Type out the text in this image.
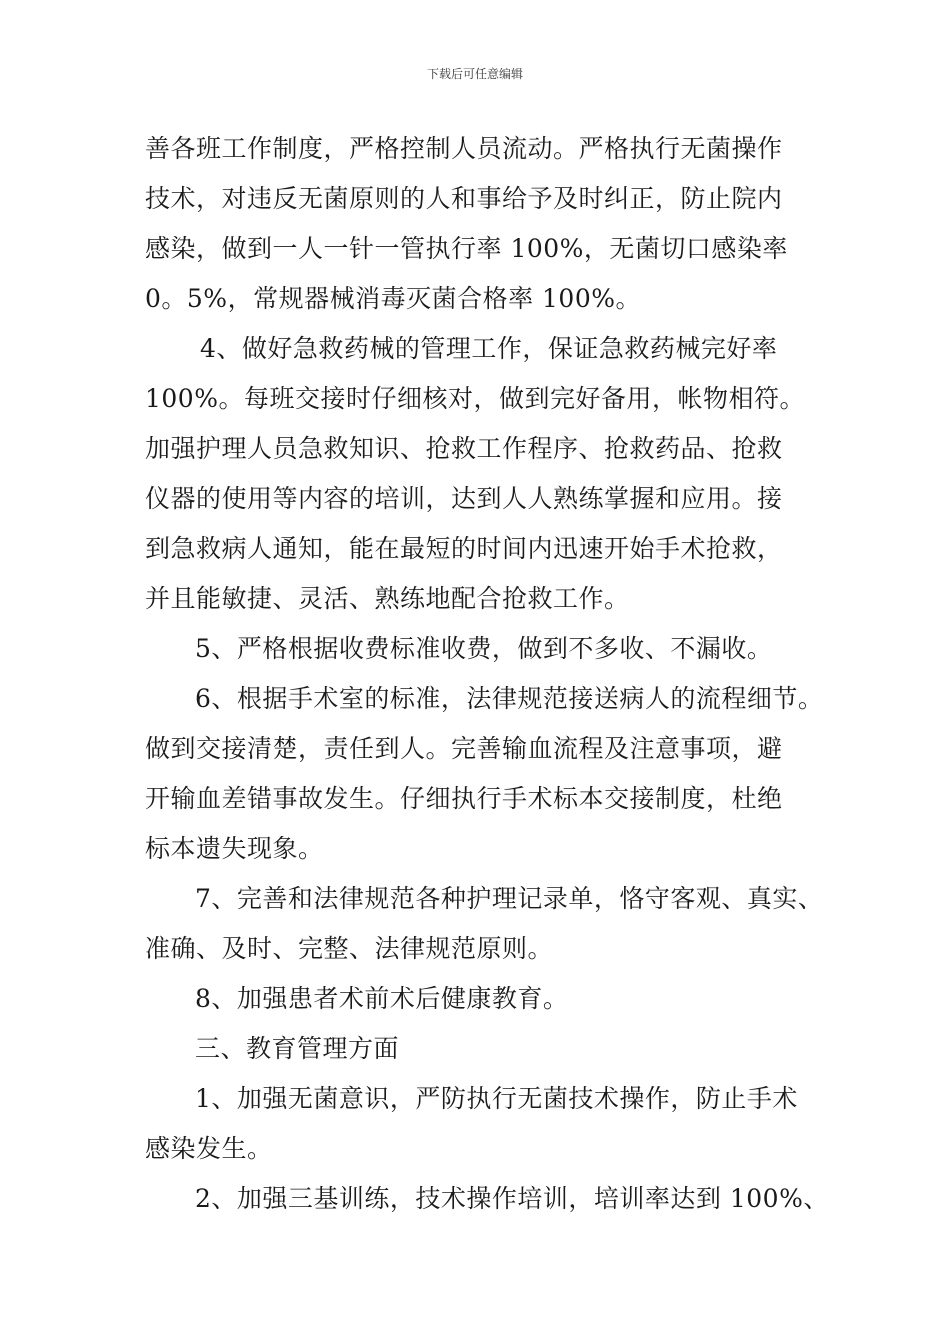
下载后可任意编辑
善各班工作制度，严格控制人员流动。严格执行无菌操作
技术，对违反无菌原则的人和事给予及时纠正，防止院内
感染，做到一人一针一管执行率 100%，无菌切口感染率
0。5%，常规器械消毒灭菌合格率 100%。
4、做好急救药械的管理工作，保证急救药械完好率
100%。每班交接时仔细核对，做到完好备用，帐物相符。
加强护理人员急救知识、抢救工作程序、抢救药品、抢救
仪器的使用等内容的培训，达到人人熟练掌握和应用。接
到急救病人通知，能在最短的时间内迅速开始手术抢救，
并且能敏捷、灵活、熟练地配合抢救工作。
5、严格根据收费标准收费，做到不多收、不漏收。
6、根据手术室的标准，法律规范接送病人的流程细节。
做到交接清楚，责任到人。完善输血流程及注意事项，避
开输血差错事故发生。仔细执行手术标本交接制度，杜绝
标本遗失现象。
7、完善和法律规范各种护理记录单，恪守客观、真实、
准确、及时、完整、法律规范原则。
8、加强患者术前术后健康教育。
三、教育管理方面
1、加强无菌意识，严防执行无菌技术操作，防止手术
感染发生。
2、加强三基训练，技术操作培训，培训率达到 100%、
